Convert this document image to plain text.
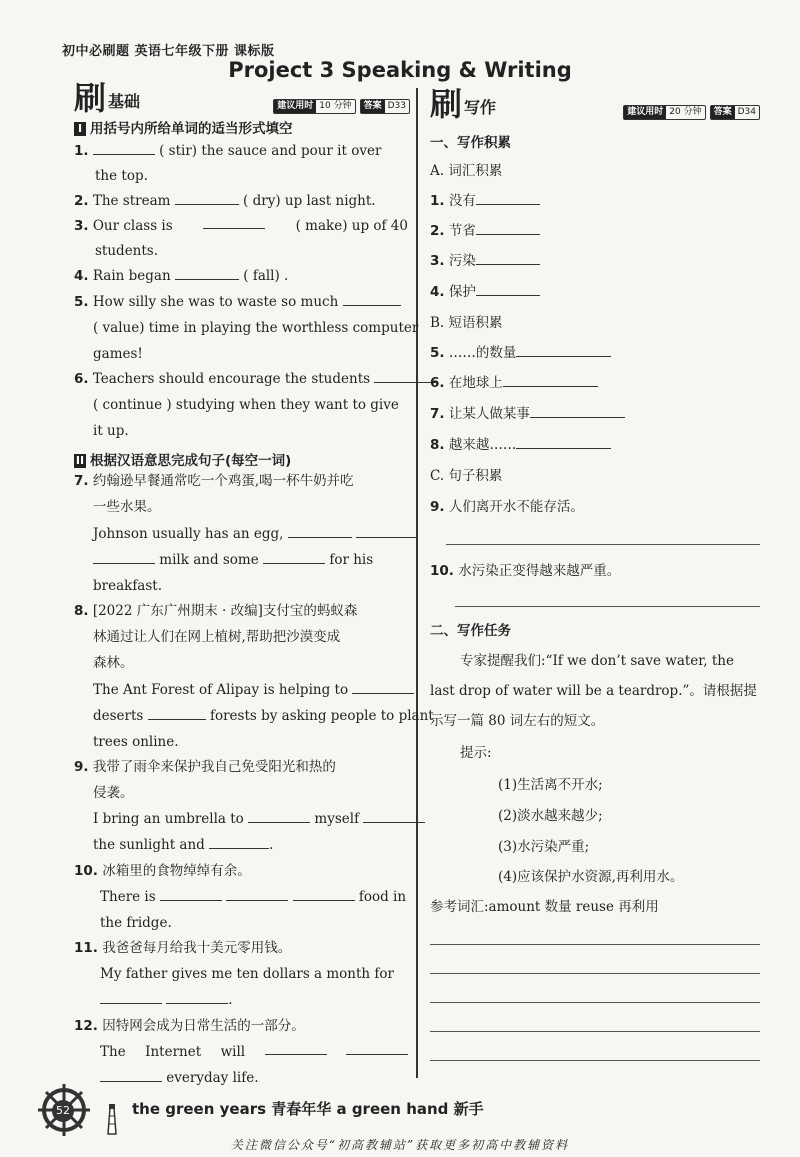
初中必刷题 英语七年级下册 课标版
Project 3 Speaking & Writing
刷 基础	建议用时 10 分钟	答案 D33 刷 写作	建议用时 20 分钟	答案 D34
I 用括号内所给单词的适当形式填空
1.	( stir) the sauce and pour it over
the top.
2. The stream	( dry) up last night.
3. Our class is	( make) up of 40
students.
4. Rain began	( fall) .
5. How silly she was to waste so much
( value) time in playing the worthless computer
games!
6. Teachers should encourage the students
( continue ) studying when they want to give
it up.
II 根据汉语意思完成句子(每空一词)
7. 约翰逊早餐通常吃一个鸡蛋,喝一杯牛奶并吃
一些水果。
Johnson usually has an egg,
milk and some	for his
breakfast.
8. [2022 广东广州期末 · 改编]支付宝的蚂蚁森
林通过让人们在网上植树,帮助把沙漠变成
森林。
The Ant Forest of Alipay is helping to
deserts	forests by asking people to plant
trees online.
9. 我带了雨伞来保护我自己免受阳光和热的
侵袭。
I bring an umbrella to	myself
the sunlight and	.
10. 冰箱里的食物绰绰有余。
There is	food in
the fridge.
11. 我爸爸每月给我十美元零用钱。
My father gives me ten dollars a month for
.
12. 因特网会成为日常生活的一部分。
The Internet will
everyday life.
一、写作积累
A. 词汇积累
1. 没有
2. 节省
3. 污染
4. 保护
B. 短语积累
5. ……的数量
6. 在地球上
7. 让某人做某事
8. 越来越……
C. 句子积累
9. 人们离开水不能存活。
10. 水污染正变得越来越严重。
二、写作任务
专家提醒我们:“If we don’t save water, the
last drop of water will be a teardrop.”。请根据提
示写一篇 80 词左右的短文。
提示:
(1)生活离不开水;
(2)淡水越来越少;
(3)水污染严重;
(4)应该保护水资源,再利用水。
参考词汇:amount 数量 reuse 再利用
52	the green years 青春年华 a green hand 新手
关注微信公众号“初高教辅站”获取更多初高中教辅资料
